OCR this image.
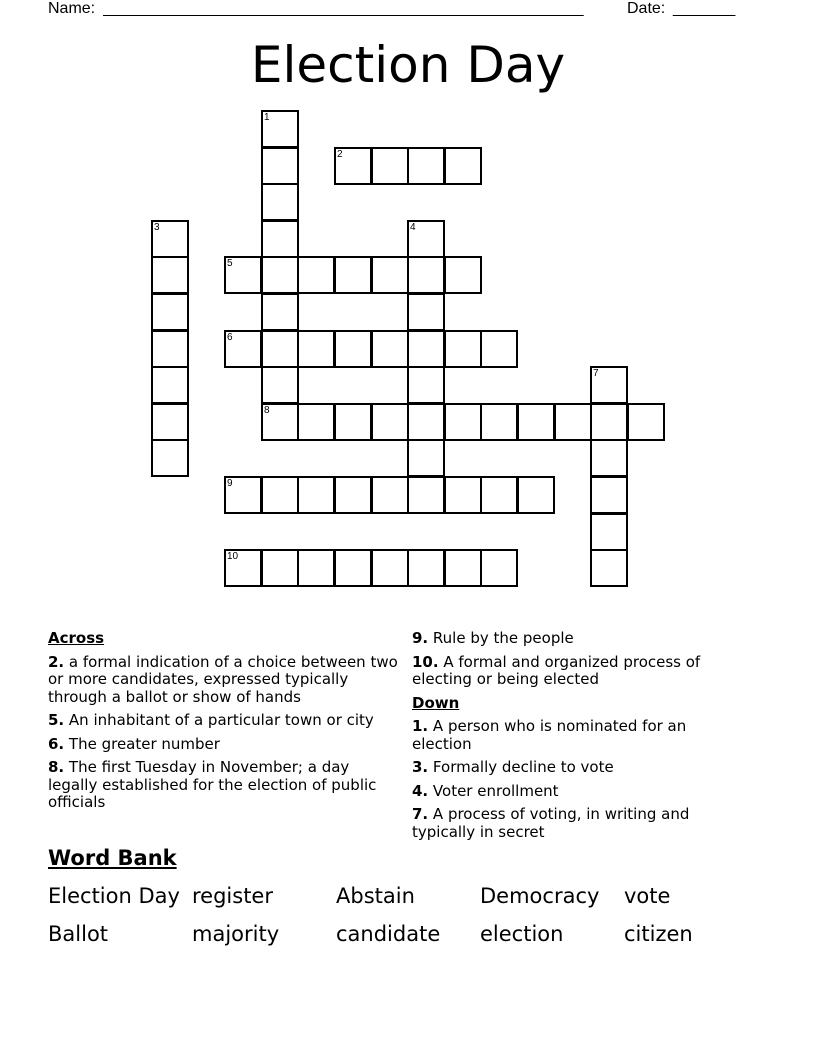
Name: ______________________________________________________	Date: _______
Election Day
1
2
3	4
5
6
7
8
9
10
Across
2. a formal indication of a choice between two or more candidates, expressed typically through a ballot or show of hands
5. An inhabitant of a particular town or city
6. The greater number
8. The first Tuesday in November; a day legally established for the election of public officials
9. Rule by the people
10. A formal and organized process of electing or being elected
Down
1. A person who is nominated for an election
3. Formally decline to vote
4. Voter enrollment
7. A process of voting, in writing and typically in secret
Word Bank
Election Day register	Abstain	Democracy vote
Ballot	majority	candidate election	citizen
